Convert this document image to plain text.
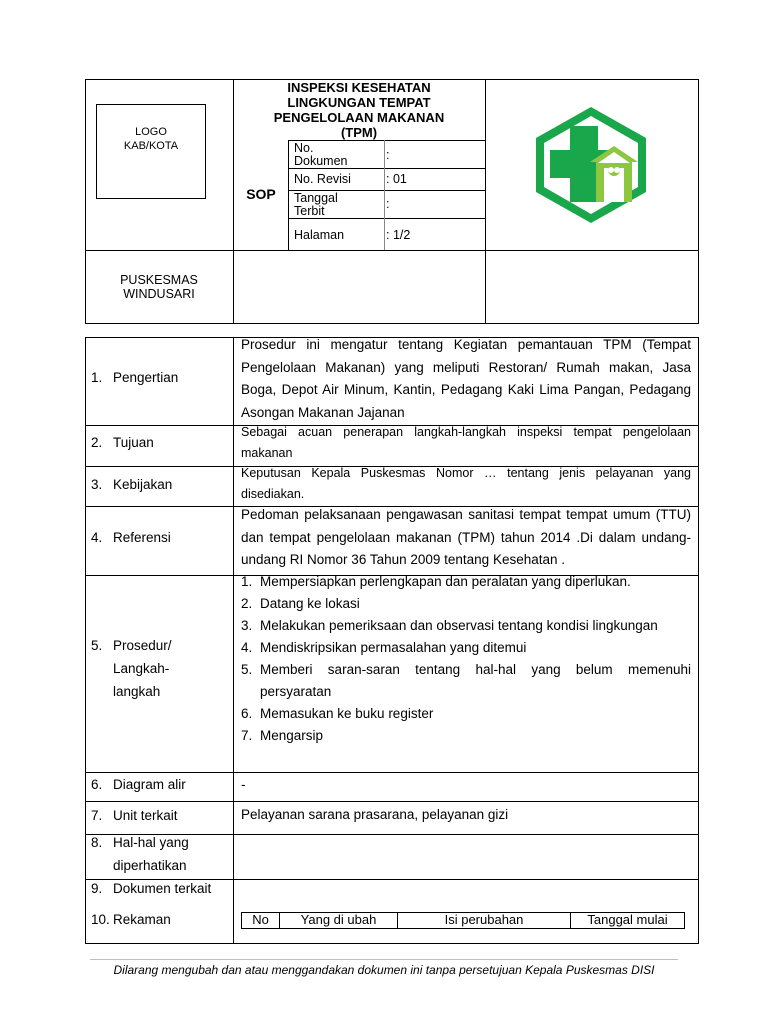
LOGO
KAB/KOTA
INSPEKSI KESEHATAN
LINGKUNGAN TEMPAT
PENGELOLAAN MAKANAN
(TPM)
SOP
No.
Dokumen	:
No. Revisi	: 01
Tanggal
Terbit	:
Halaman	: 1/2
PUSKESMAS
WINDUSARI
1. Pengertian
Prosedur ini mengatur tentang Kegiatan pemantauan TPM (Tempat Pengelolaan Makanan) yang meliputi Restoran/ Rumah makan, Jasa Boga, Depot Air Minum, Kantin, Pedagang Kaki Lima Pangan, Pedagang Asongan Makanan Jajanan
2. Tujuan
Sebagai acuan penerapan langkah-langkah inspeksi tempat pengelolaan makanan
3. Kebijakan
Keputusan Kepala Puskesmas Nomor … tentang jenis pelayanan yang disediakan.
4. Referensi
Pedoman pelaksanaan pengawasan sanitasi tempat tempat umum (TTU) dan tempat pengelolaan makanan (TPM) tahun 2014 .Di dalam undang-undang RI Nomor 36 Tahun 2009 tentang Kesehatan .
5. Prosedur/
Langkah-
langkah
1. Mempersiapkan perlengkapan dan peralatan yang diperlukan.
2. Datang ke lokasi
3. Melakukan pemeriksaan dan observasi tentang kondisi lingkungan
4. Mendiskripsikan permasalahan yang ditemui
5. Memberi saran-saran tentang hal-hal yang belum memenuhi persyaratan
6. Memasukan ke buku register
7. Mengarsip
6. Diagram alir	-
7. Unit terkait	Pelayanan sarana prasarana, pelayanan gizi
8. Hal-hal yang
diperhatikan
9. Dokumen terkait
10. Rekaman	No	Yang di ubah	Isi perubahan	Tanggal mulai
Dilarang mengubah dan atau menggandakan dokumen ini tanpa persetujuan Kepala Puskesmas DISI
